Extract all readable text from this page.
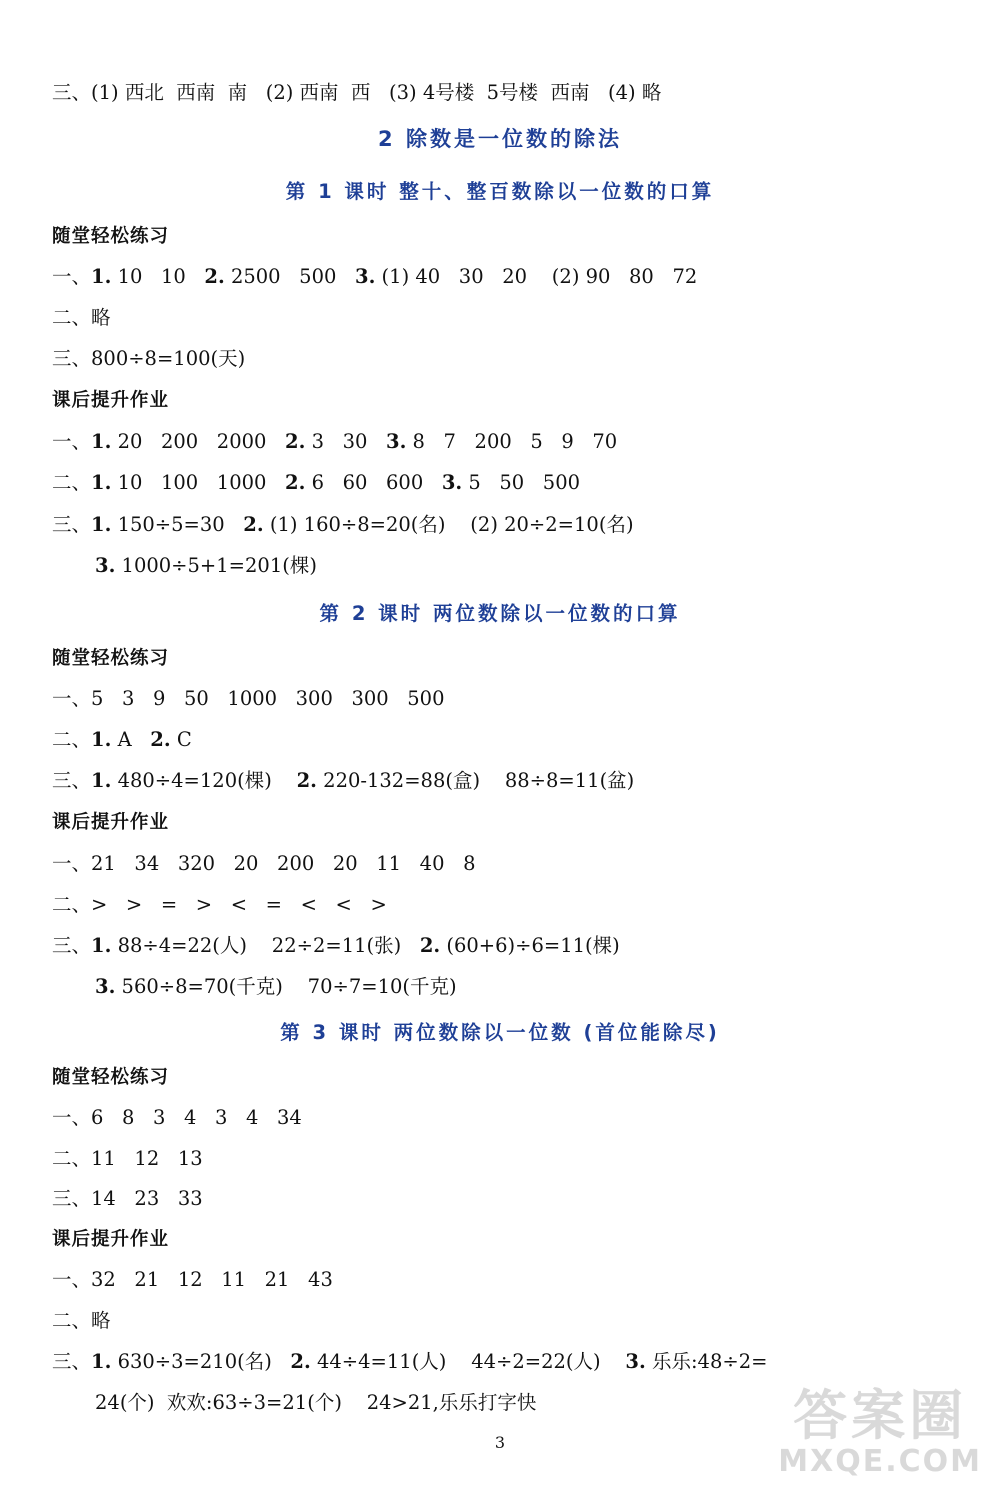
三、(1) 西北  西南  南   (2) 西南  西   (3) 4号楼  5号楼  西南   (4) 略
2 除数是一位数的除法
第 1 课时 整十、整百数除以一位数的口算
随堂轻松练习
一、1. 10   10   2. 2500   500   3. (1) 40   30   20    (2) 90   80   72
二、略
三、800÷8=100(天)
课后提升作业
一、1. 20   200   2000   2. 3   30   3. 8   7   200   5   9   70
二、1. 10   100   1000   2. 6   60   600   3. 5   50   500
三、1. 150÷5=30   2. (1) 160÷8=20(名)    (2) 20÷2=10(名)
3. 1000÷5+1=201(棵)
第 2 课时 两位数除以一位数的口算
随堂轻松练习
一、5   3   9   50   1000   300   300   500
二、1. A   2. C
三、1. 480÷4=120(棵)    2. 220-132=88(盒)    88÷8=11(盆)
课后提升作业
一、21   34   320   20   200   20   11   40   8
二、>   >   =   >   <   =   <   <   >
三、1. 88÷4=22(人)    22÷2=11(张)   2. (60+6)÷6=11(棵)
3. 560÷8=70(千克)    70÷7=10(千克)
第 3 课时 两位数除以一位数 (首位能除尽)
随堂轻松练习
一、6   8   3   4   3   4   34
二、11   12   13
三、14   23   33
课后提升作业
一、32   21   12   11   21   43
二、略
三、1. 630÷3=210(名)   2. 44÷4=11(人)    44÷2=22(人)    3. 乐乐:48÷2=
24(个)  欢欢:63÷3=21(个)    24>21,乐乐打字快
3	答案圈
MXQE.COM
